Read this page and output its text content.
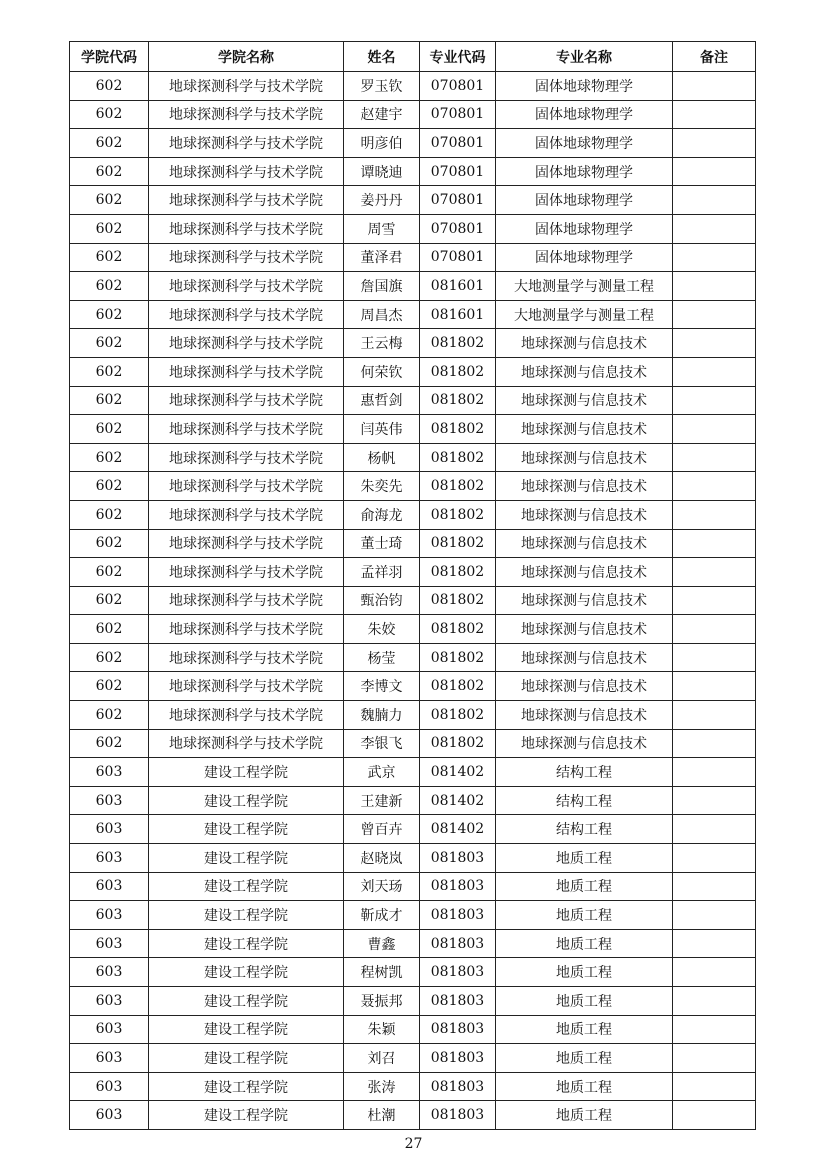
学院代码	学院名称	姓名	专业代码	专业名称	备注
602	地球探测科学与技术学院	罗玉钦	070801	固体地球物理学	
602	地球探测科学与技术学院	赵建宇	070801	固体地球物理学	
602	地球探测科学与技术学院	明彦伯	070801	固体地球物理学	
602	地球探测科学与技术学院	谭晓迪	070801	固体地球物理学	
602	地球探测科学与技术学院	姜丹丹	070801	固体地球物理学	
602	地球探测科学与技术学院	周雪	070801	固体地球物理学	
602	地球探测科学与技术学院	董泽君	070801	固体地球物理学	
602	地球探测科学与技术学院	詹国旗	081601	大地测量学与测量工程	
602	地球探测科学与技术学院	周昌杰	081601	大地测量学与测量工程	
602	地球探测科学与技术学院	王云梅	081802	地球探测与信息技术	
602	地球探测科学与技术学院	何荣钦	081802	地球探测与信息技术	
602	地球探测科学与技术学院	惠哲剑	081802	地球探测与信息技术	
602	地球探测科学与技术学院	闫英伟	081802	地球探测与信息技术	
602	地球探测科学与技术学院	杨帆	081802	地球探测与信息技术	
602	地球探测科学与技术学院	朱奕先	081802	地球探测与信息技术	
602	地球探测科学与技术学院	俞海龙	081802	地球探测与信息技术	
602	地球探测科学与技术学院	董士琦	081802	地球探测与信息技术	
602	地球探测科学与技术学院	孟祥羽	081802	地球探测与信息技术	
602	地球探测科学与技术学院	甄治钧	081802	地球探测与信息技术	
602	地球探测科学与技术学院	朱姣	081802	地球探测与信息技术	
602	地球探测科学与技术学院	杨莹	081802	地球探测与信息技术	
602	地球探测科学与技术学院	李博文	081802	地球探测与信息技术	
602	地球探测科学与技术学院	魏腩力	081802	地球探测与信息技术	
602	地球探测科学与技术学院	李银飞	081802	地球探测与信息技术	
603	建设工程学院	武京	081402	结构工程	
603	建设工程学院	王建新	081402	结构工程	
603	建设工程学院	曾百卉	081402	结构工程	
603	建设工程学院	赵晓岚	081803	地质工程	
603	建设工程学院	刘天玚	081803	地质工程	
603	建设工程学院	靳成才	081803	地质工程	
603	建设工程学院	曹鑫	081803	地质工程	
603	建设工程学院	程树凯	081803	地质工程	
603	建设工程学院	聂振邦	081803	地质工程	
603	建设工程学院	朱颖	081803	地质工程	
603	建设工程学院	刘召	081803	地质工程	
603	建设工程学院	张涛	081803	地质工程	
603	建设工程学院	杜潮	081803	地质工程	
27
